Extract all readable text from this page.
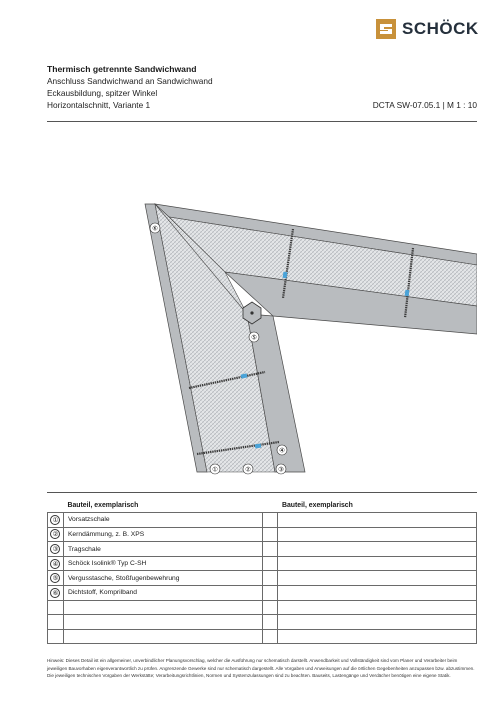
SCHÖCK
Thermisch getrennte Sandwichwand
Anschluss Sandwichwand an Sandwichwand
Eckausbildung, spitzer Winkel
Horizontalschnitt, Variante 1	DCTA SW-07.05.1 | M 1 : 10
⑥
⑤
④
①	②	③
Bauteil, exemplarisch		Bauteil, exemplarisch	
①	Vorsatzschale		
②	Kerndämmung, z. B. XPS		
③	Tragschale		
④	Schöck Isolink® Typ C-SH		
⑤	Vergusstasche, Stoßfugenbewehrung		
⑥	Dichtstoff, Komprilband		

Hinweis: Dieses Detail ist ein allgemeiner, unverbindlicher Planungsvorschlag, welcher die Ausführung nur schematisch darstellt. Anwendbarkeit und Vollständigkeit sind vom Planer und Verarbeiter beim jeweiligen Bauvorhaben eigenverantwortlich zu prüfen. Angrenzende Gewerke sind nur schematisch dargestellt. Alle Vorgaben und Anweisungen auf die örtlichen Gegebenheiten anzupassen bzw. abzustimmen. Die jeweiligen technischen Vorgaben der Werkstätte; Verarbeitungsrichtlinien, Normen und Systemzulassungen sind zu beachten. Bauseits, Lastengänge und Verdächer benötigen eine eigene Statik.
